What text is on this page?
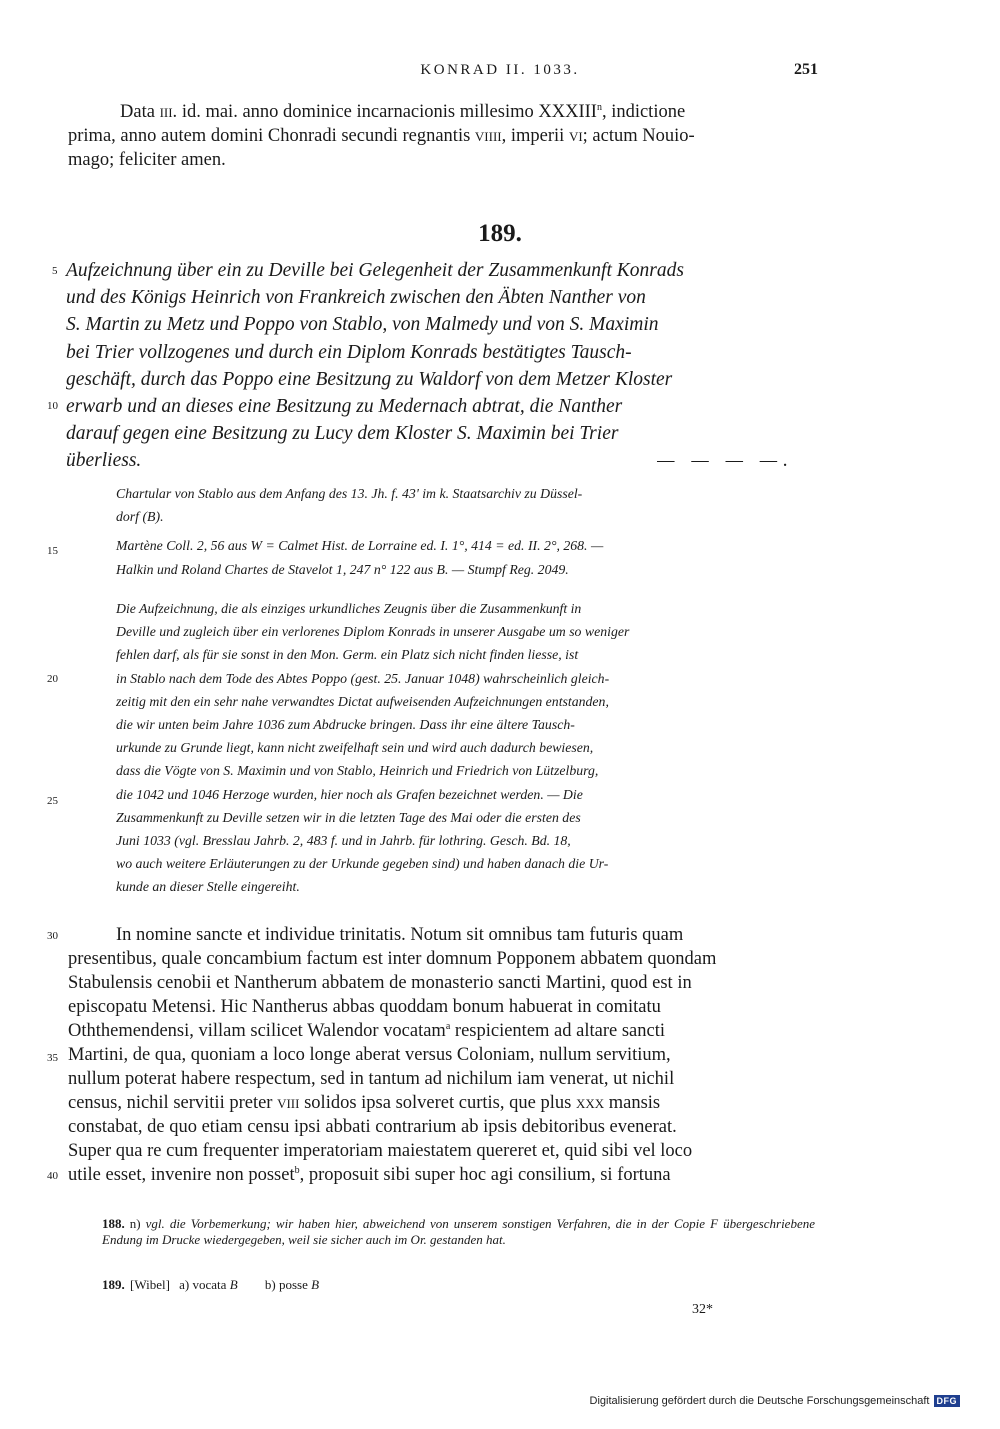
KONRAD II. 1033.	251
Data iii. id. mai. anno dominice incarnacionis millesimo XXXIII$^n$, indictione
prima, anno autem domini Chonradi secundi regnantis viiii, imperii vi; actum Nouio-
mago; feliciter amen.
189.
Aufzeichnung über ein zu Deville bei Gelegenheit der Zusammenkunft Konrads
und des Königs Heinrich von Frankreich zwischen den Äbten Nanther von
S. Martin zu Metz und Poppo von Stablo, von Malmedy und von S. Maximin
bei Trier vollzogenes und durch ein Diplom Konrads bestätigtes Tausch-
geschäft, durch das Poppo eine Besitzung zu Waldorf von dem Metzer Kloster
erwarb und an dieses eine Besitzung zu Medernach abtrat, die Nanther
darauf gegen eine Besitzung zu Lucy dem Kloster S. Maximin bei Trier
überliess.	— — — —.
Chartular von Stablo aus dem Anfang des 13. Jh. f. 43' im k. Staatsarchiv zu Düssel-
dorf (B).
Martène Coll. 2, 56 aus W = Calmet Hist. de Lorraine ed. I. 1°, 414 = ed. II. 2°, 268. —
Halkin und Roland Chartes de Stavelot 1, 247 n° 122 aus B. — Stumpf Reg. 2049.
Die Aufzeichnung, die als einziges urkundliches Zeugnis über die Zusammenkunft in
Deville und zugleich über ein verlorenes Diplom Konrads in unserer Ausgabe um so weniger
fehlen darf, als für sie sonst in den Mon. Germ. ein Platz sich nicht finden liesse, ist
in Stablo nach dem Tode des Abtes Poppo (gest. 25. Januar 1048) wahrscheinlich gleich-
zeitig mit den ein sehr nahe verwandtes Dictat aufweisenden Aufzeichnungen entstanden,
die wir unten beim Jahre 1036 zum Abdrucke bringen. Dass ihr eine ältere Tausch-
urkunde zu Grunde liegt, kann nicht zweifelhaft sein und wird auch dadurch bewiesen,
dass die Vögte von S. Maximin und von Stablo, Heinrich und Friedrich von Lützelburg,
die 1042 und 1046 Herzoge wurden, hier noch als Grafen bezeichnet werden. — Die
Zusammenkunft zu Deville setzen wir in die letzten Tage des Mai oder die ersten des
Juni 1033 (vgl. Bresslau Jahrb. 2, 483 f. und in Jahrb. für lothring. Gesch. Bd. 18,
wo auch weitere Erläuterungen zu der Urkunde gegeben sind) und haben danach die Ur-
kunde an dieser Stelle eingereiht.
In nomine sancte et individue trinitatis. Notum sit omnibus tam futuris quam
presentibus, quale concambium factum est inter domnum Popponem abbatem quondam
Stabulensis cenobii et Nantherum abbatem de monasterio sancti Martini, quod est in
episcopatu Metensi. Hic Nantherus abbas quoddam bonum habuerat in comitatu
Oththemendensi, villam scilicet Walendor vocatam$^a$ respicientem ad altare sancti
Martini, de qua, quoniam a loco longe aberat versus Coloniam, nullum servitium,
nullum poterat habere respectum, sed in tantum ad nichilum iam venerat, ut nichil
census, nichil servitii preter viii solidos ipsa solveret curtis, que plus xxx mansis
constabat, de quo etiam censu ipsi abbati contrarium ab ipsis debitoribus evenerat.
Super qua re cum frequenter imperatoriam maiestatem quereret et, quid sibi vel loco
utile esset, invenire non posset$^b$, proposuit sibi super hoc agi consilium, si fortuna
5
10
15
20
25
30
35
40
188. n) vgl. die Vorbemerkung; wir haben hier, abweichend von unserem sonstigen Verfahren, die in der Copie F übergeschriebene Endung im Drucke wiedergegeben, weil sie sicher auch im Or. gestanden hat.
189. [Wibel] a) vocata B b) posse B
32*
Digitalisierung gefördert durch die Deutsche Forschungsgemeinschaft DFG
